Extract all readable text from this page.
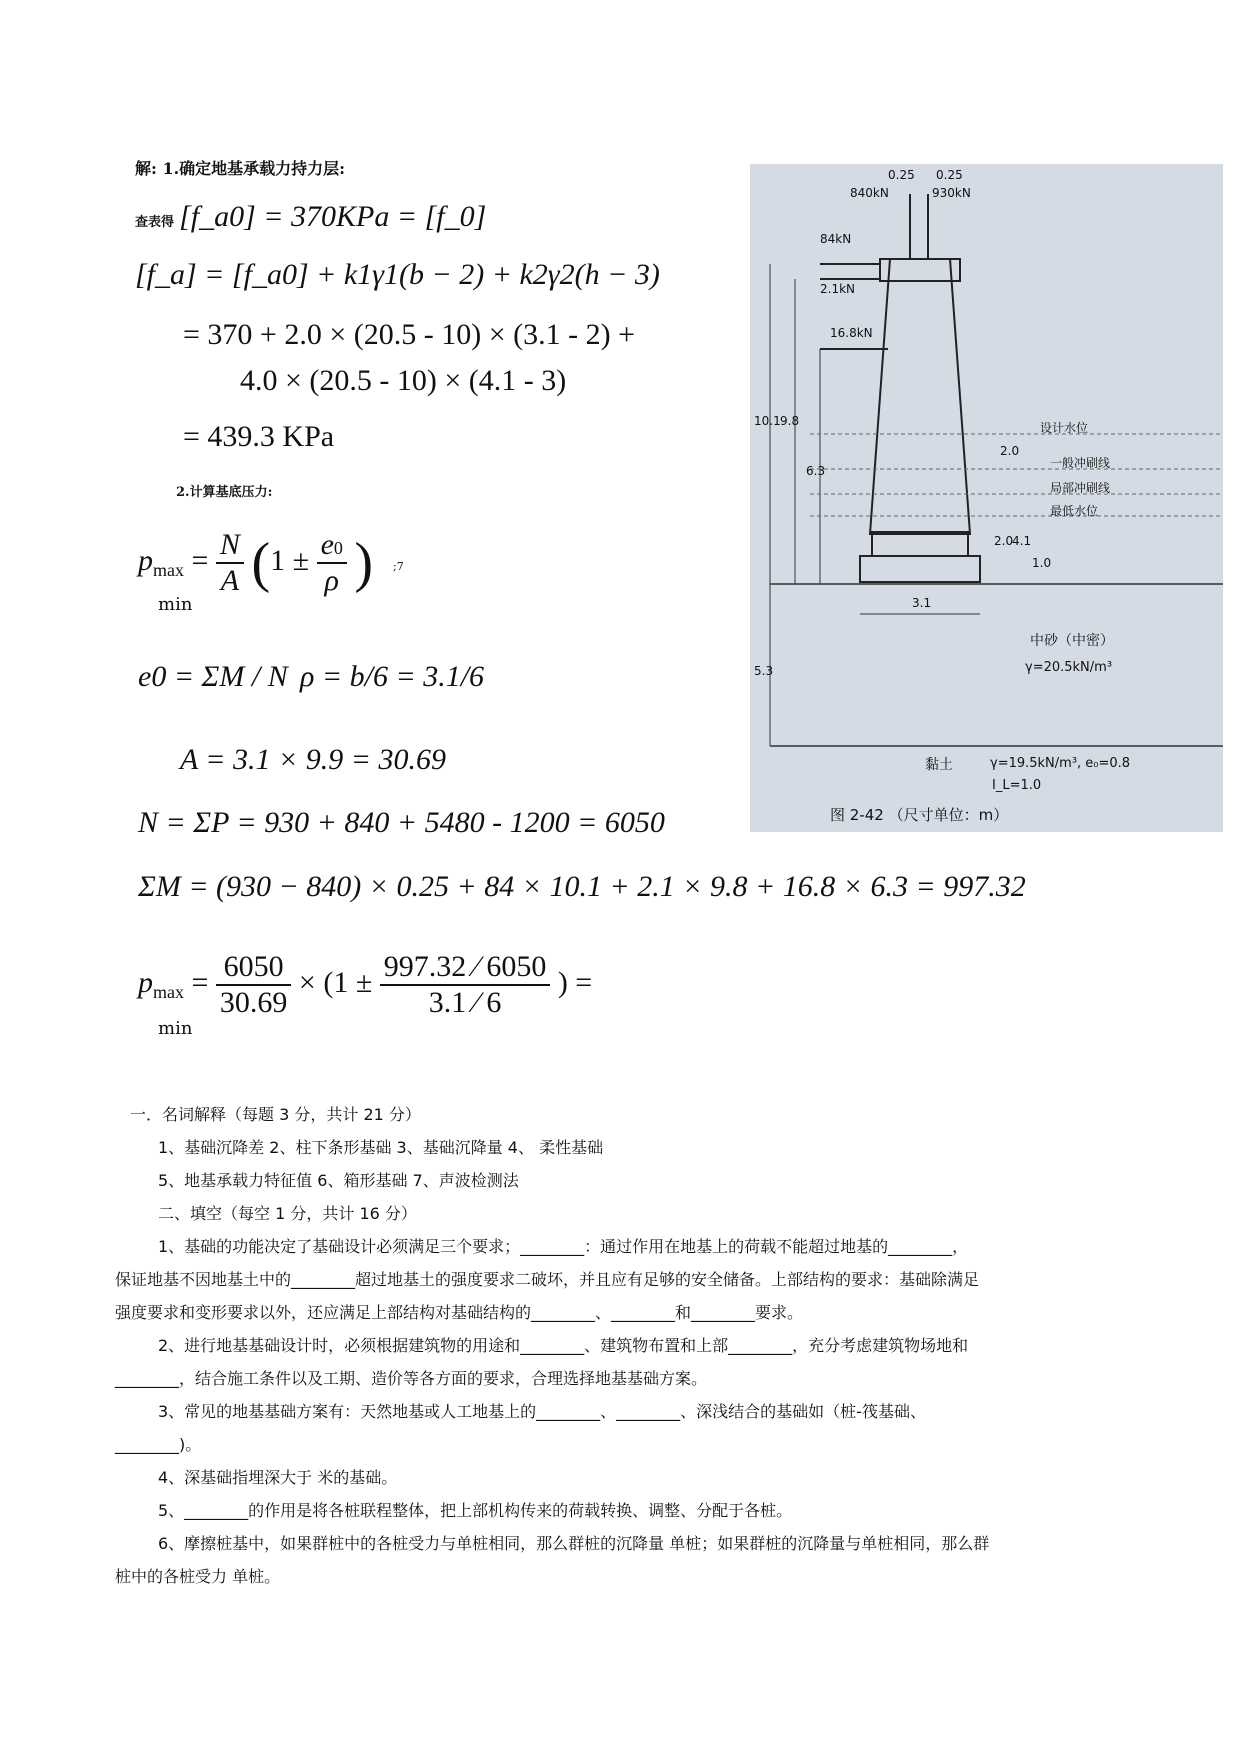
解: 1.确定地基承载力持力层:
查表得 [f_a0] = 370KPa = [f_0]
[f_a] = [f_a0] + k1γ1(b − 2) + k2γ2(h − 3)
= 370 + 2.0 × (20.5 - 10) × (3.1 - 2) +
4.0 × (20.5 - 10) × (4.1 - 3)
= 439.3 KPa
2.计算基底压力:
$p_{max} = \frac{N}{A} (1 \pm \frac{e0}{\rho}$ )
min
;7
e0 = ΣM / N ρ = b/6 = 3.1/6
A = 3.1 × 9.9 = 30.69
N = ΣP = 930 + 840 + 5480 - 1200 = 6050
ΣM = (930 − 840) × 0.25 + 84 × 10.1 + 2.1 × 9.8 + 16.8 × 6.3 = 997.32
$p_{max} = \frac{6050}{30.69} \times (1 \pm \frac{997.32 ⁄ 6050}{3.1 ⁄ 6}$ ) =
min
0.25 0.25
840kN	930kN
84kN
2.1kN
16.8kN
10.1 9.8
6.3
2.0
4.1
2.0
1.0
5.3
3.1
设计水位
一般冲刷线
局部冲刷线
最低水位
中砂（中密）
γ=20.5kN/m³
黏土	γ=19.5kN/m³, e₀=0.8
I_L=1.0
图 2-42 （尺寸单位：m）
一．名词解释（每题 3 分，共计 21 分）
1、基础沉降差 2、柱下条形基础 3、基础沉降量 4、 柔性基础
5、地基承载力特征值 6、箱形基础 7、声波检测法
二、填空（每空 1 分，共计 16 分）
1、基础的功能决定了基础设计必须满足三个要求；________：通过作用在地基上的荷载不能超过地基的________，
保证地基不因地基土中的________超过地基土的强度要求二破坏，并且应有足够的安全储备。上部结构的要求：基础除满足
强度要求和变形要求以外，还应满足上部结构对基础结构的________、________和________要求。
2、进行地基基础设计时，必须根据建筑物的用途和________、建筑物布置和上部________，充分考虑建筑物场地和
________，结合施工条件以及工期、造价等各方面的要求，合理选择地基基础方案。
3、常见的地基基础方案有：天然地基或人工地基上的________、________、深浅结合的基础如（桩-筏基础、
________)。
4、深基础指埋深大于 米的基础。
5、________的作用是将各桩联程整体，把上部机构传来的荷载转换、调整、分配于各桩。
6、摩擦桩基中，如果群桩中的各桩受力与单桩相同，那么群桩的沉降量 单桩；如果群桩的沉降量与单桩相同，那么群
桩中的各桩受力 单桩。
